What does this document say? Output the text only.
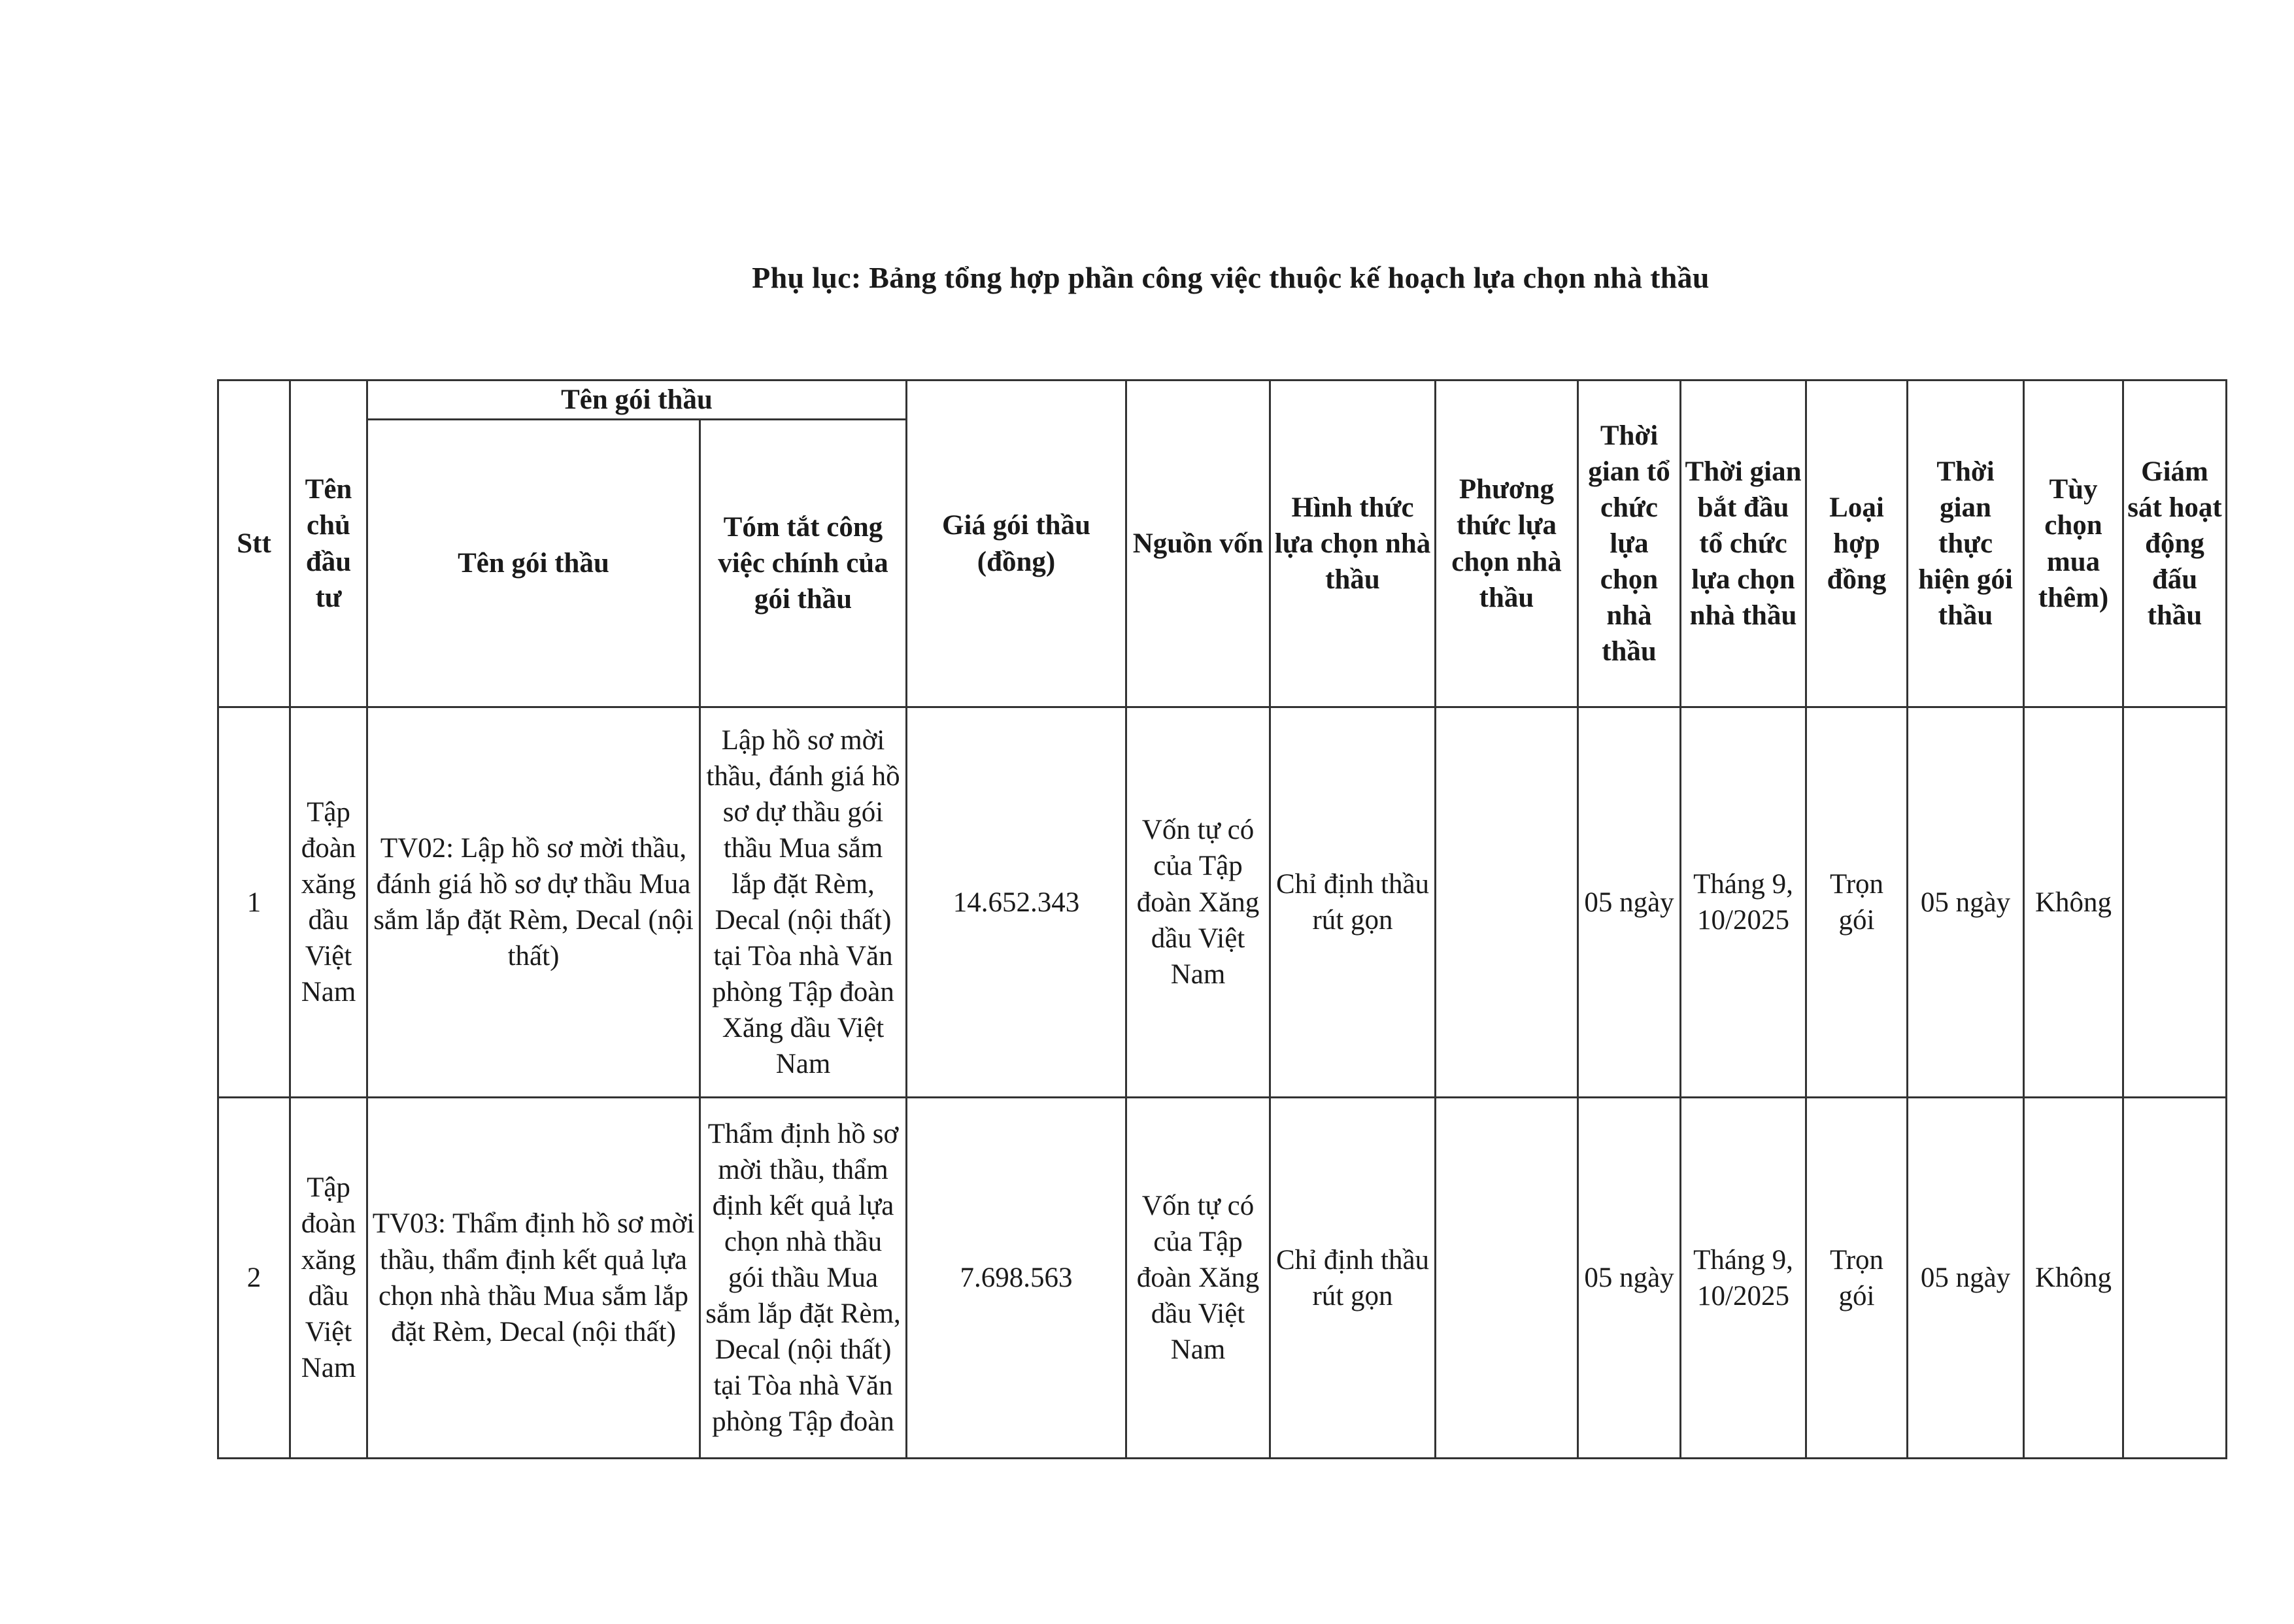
Phụ lục: Bảng tổng hợp phần công việc thuộc kế hoạch lựa chọn nhà thầu
Stt	Tên chủ đầu tư	Tên gói thầu		Giá gói thầu (đồng)	Nguồn vốn	Hình thức lựa chọn nhà thầu	Phương thức lựa chọn nhà thầu	Thời gian tổ chức lựa chọn nhà thầu	Thời gian bắt đầu tổ chức lựa chọn nhà thầu	Loại hợp đồng	Thời gian thực hiện gói thầu	Tùy chọn mua thêm)	Giám sát hoạt động đấu thầu
		Tên gói thầu	Tóm tắt công việc chính của gói thầu										
1	Tập đoàn xăng dầu Việt Nam	TV02: Lập hồ sơ mời thầu, đánh giá hồ sơ dự thầu Mua sắm lắp đặt Rèm, Decal (nội thất)	Lập hồ sơ mời thầu, đánh giá hồ sơ dự thầu gói thầu Mua sắm lắp đặt Rèm, Decal (nội thất) tại Tòa nhà Văn phòng Tập đoàn Xăng dầu Việt Nam	14.652.343	Vốn tự có của Tập đoàn Xăng dầu Việt Nam	Chỉ định thầu rút gọn		05 ngày	Tháng 9, 10/2025	Trọn gói	05 ngày	Không	
2	Tập đoàn xăng dầu Việt Nam	TV03: Thẩm định hồ sơ mời thầu, thẩm định kết quả lựa chọn nhà thầu Mua sắm lắp đặt Rèm, Decal (nội thất)	Thẩm định hồ sơ mời thầu, thẩm định kết quả lựa chọn nhà thầu gói thầu Mua sắm lắp đặt Rèm, Decal (nội thất) tại Tòa nhà Văn phòng Tập đoàn	7.698.563	Vốn tự có của Tập đoàn Xăng dầu Việt Nam	Chỉ định thầu rút gọn		05 ngày	Tháng 9, 10/2025	Trọn gói	05 ngày	Không	
